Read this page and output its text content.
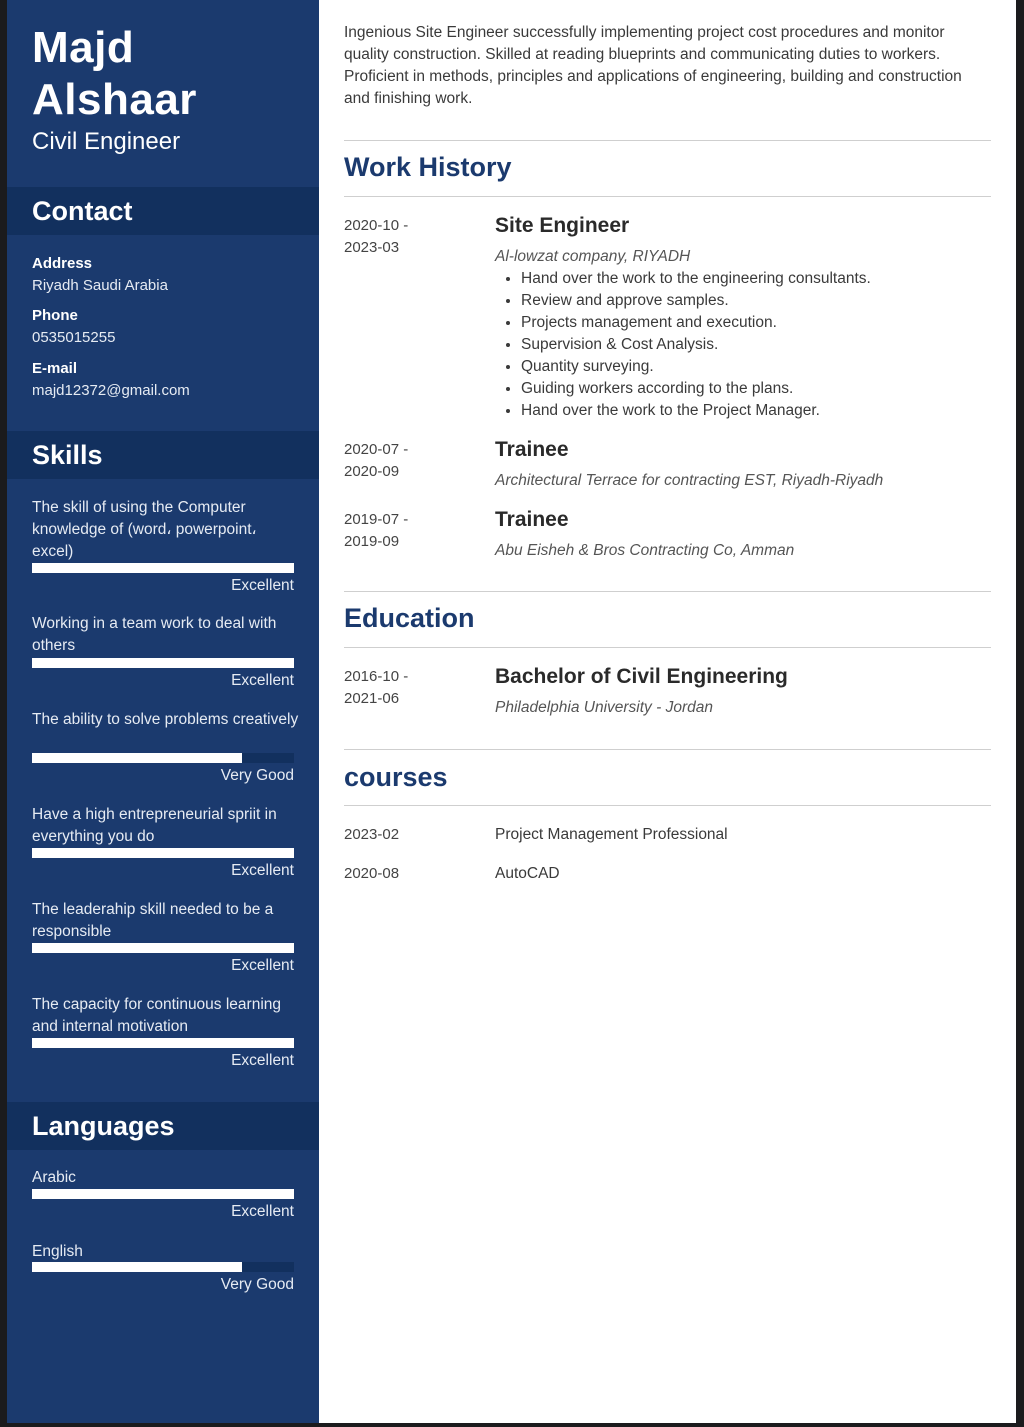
Majd
Alshaar
Civil Engineer
Contact
Address
Riyadh Saudi Arabia
Phone
0535015255
E-mail
majd12372@gmail.com
Skills
The skill of using the Computer knowledge of (word، powerpoint، excel)
Excellent
Working in a team work to deal with others
Excellent
The ability to solve problems creatively
Very Good
Have a high entrepreneurial spriit in everything you do
Excellent
The leaderahip skill needed to be a responsible
Excellent
The capacity for continuous learning and internal motivation
Excellent
Languages
Arabic
Excellent
English
Very Good
Ingenious Site Engineer successfully implementing project cost procedures and monitor quality construction. Skilled at reading blueprints and communicating duties to workers. Proficient in methods, principles and applications of engineering, building and construction and finishing work.
Work History
2020-10 -
2023-03
Site Engineer
Al-lowzat company, RIYADH
• Hand over the work to the engineering consultants.
• Review and approve samples.
• Projects management and execution.
• Supervision & Cost Analysis.
• Quantity surveying.
• Guiding workers according to the plans.
• Hand over the work to the Project Manager.
2020-07 -
2020-09
Trainee
Architectural Terrace for contracting EST, Riyadh-Riyadh
2019-07 -
2019-09
Trainee
Abu Eisheh & Bros Contracting Co, Amman
Education
2016-10 -
2021-06
Bachelor of Civil Engineering
Philadelphia University - Jordan
courses
2023-02	Project Management Professional
2020-08	AutoCAD
